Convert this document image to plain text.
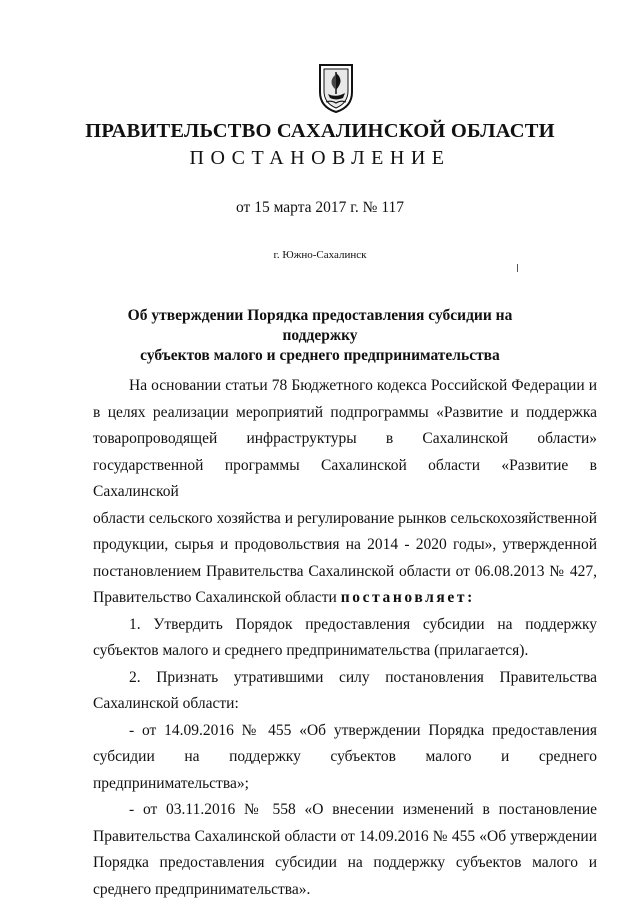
ПРАВИТЕЛЬСТВО САХАЛИНСКОЙ ОБЛАСТИ
ПОСТАНОВЛЕНИЕ
от 15 марта 2017 г. № 117
г. Южно-Сахалинск
Об утверждении Порядка предоставления субсидии на поддержку
субъектов малого и среднего предпринимательства
На основании статьи 78 Бюджетного кодекса Российской Федерации и
в целях реализации мероприятий подпрограммы «Развитие и поддержка
товаропроводящей инфраструктуры в Сахалинской области»
государственной программы Сахалинской области «Развитие в Сахалинской
области сельского хозяйства и регулирование рынков сельскохозяйственной
продукции, сырья и продовольствия на 2014 - 2020 годы», утвержденной
постановлением Правительства Сахалинской области от 06.08.2013 № 427,
Правительство Сахалинской области постановляет:
1. Утвердить Порядок предоставления субсидии на поддержку
субъектов малого и среднего предпринимательства (прилагается).
2. Признать утратившими силу постановления Правительства
Сахалинской области:
- от 14.09.2016 № 455 «Об утверждении Порядка предоставления
субсидии на поддержку субъектов малого и среднего предпринимательства»;
- от 03.11.2016 № 558 «О внесении изменений в постановление
Правительства Сахалинской области от 14.09.2016 № 455 «Об утверждении
Порядка предоставления субсидии на поддержку субъектов малого и
среднего предпринимательства».
